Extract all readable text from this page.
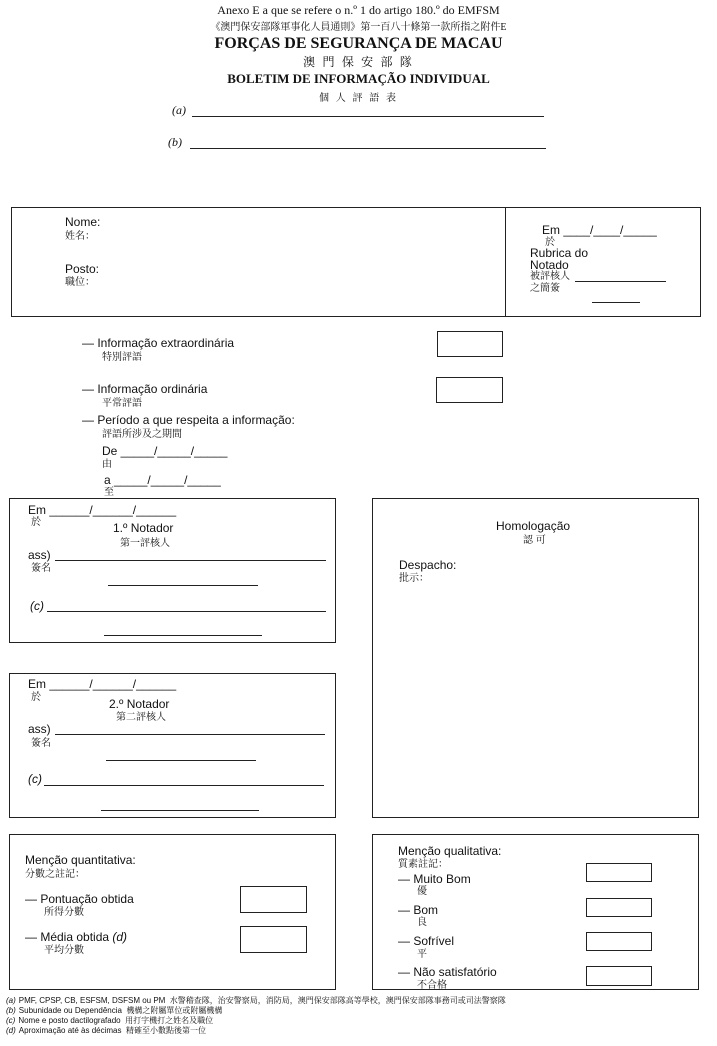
Anexo E a que se refere o n.º 1 do artigo 180.º do EMFSM
《澳門保安部隊軍事化人員通則》第一百八十條第一款所指之附件E
FORÇAS DE SEGURANÇA DE MACAU
澳 門 保 安 部 隊
BOLETIM DE INFORMAÇÃO INDIVIDUAL
個 人 評 語 表
(a)
(b)
Nome:
姓名：
Posto:
職位：
Em ____/____/_____
於
Rubrica do
Notado
被評核人
之簡簽
— Informação extraordinária
特別評語
— Informação ordinária
平常評語
— Período a que respeita a informação:
評語所涉及之期間
De _____/_____/_____
由
a _____/_____/_____
至
Em ______/______/______
於	1.º Notador
第一評核人
ass)
簽名
(c)
Em ______/______/______
於	2.º Notador
第二評核人
ass)
簽名
(c)
Homologação
認 可
Despacho:
批示：
Menção quantitativa:
分數之註記：
— Pontuação obtida
所得分數
— Média obtida (d)
平均分數
Menção qualitativa:
質素註記：
— Muito Bom
優
— Bom
良
— Sofrível
平
— Não satisfatório
不合格
(a) PMF, CPSP, CB, ESFSM, DSFSM ou PM 水警稽查隊，治安警察局，消防局，澳門保安部隊高等學校，澳門保安部隊事務司或司法警察隊
(b) Subunidade ou Dependência 機構之附屬單位或附屬機構
(c) Nome e posto dactilografado 用打字機打之姓名及職位
(d) Aproximação até às décimas 精確至小數點後第一位
